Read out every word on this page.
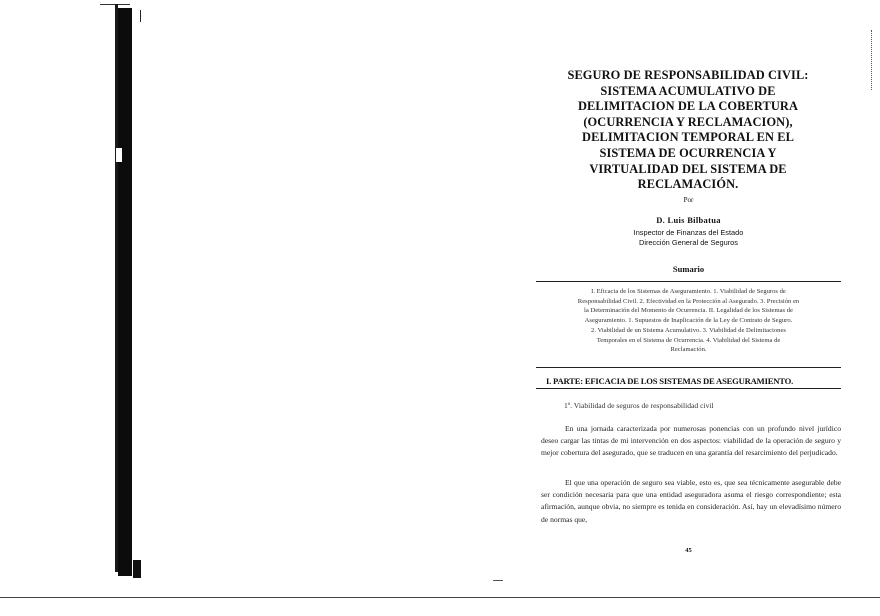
SEGURO DE RESPONSABILIDAD CIVIL:
SISTEMA ACUMULATIVO DE
DELIMITACION DE LA COBERTURA
(OCURRENCIA Y RECLAMACION),
DELIMITACION TEMPORAL EN EL
SISTEMA DE OCURRENCIA Y
VIRTUALIDAD DEL SISTEMA DE
RECLAMACIÓN.
Por
D. Luis Bilbatua
Inspector de Finanzas del Estado
Dirección General de Seguros
Sumario
I. Eficacia de los Sistemas de Aseguramiento. 1. Viabilidad de Seguros de
Responsabilidad Civil. 2. Efectividad en la Protección al Asegurado. 3. Precisión en
la Determinación del Momento de Ocurrencia. II. Legalidad de los Sistemas de
Aseguramiento. 1. Supuestos de Inaplicación de la Ley de Contrato de Seguro.
2. Viabilidad de un Sistema Acumulativo. 3. Viabilidad de Delimitaciones
Temporales en el Sistema de Ocurrencia. 4. Viabilidad del Sistema de
Reclamación.
I. PARTE: EFICACIA DE LOS SISTEMAS DE ASEGURAMIENTO.
1º. Viabilidad de seguros de responsabilidad civil
En una jornada caracterizada por numerosas ponencias con un profundo nivel jurídico deseo cargar las tintas de mi intervención en dos aspectos: viabilidad de la operación de seguro y mejor cobertura del asegurado, que se traducen en una garantía del resarcimiento del perjudicado.
El que una operación de seguro sea viable, esto es, que sea técnicamente asegurable debe ser condición necesaria para que una entidad aseguradora asuma el riesgo correspondiente; esta afirmación, aunque obvia, no siempre es tenida en consideración. Así, hay un elevadísimo número de normas que,
45
